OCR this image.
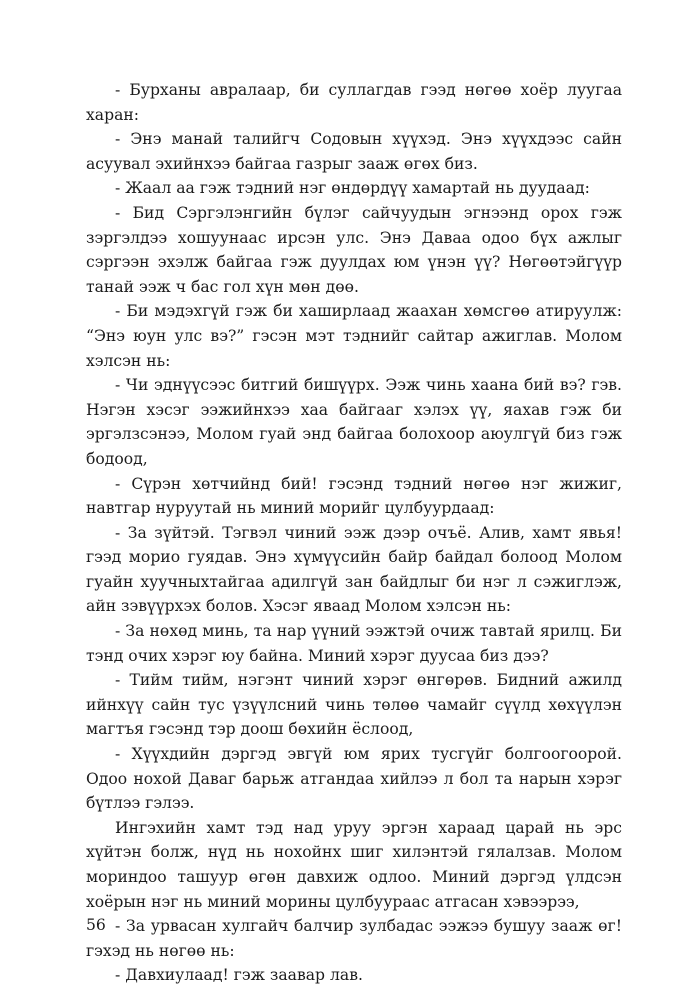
- Бурханы авралаар, би суллагдав гээд нөгөө хоёр луугаа харан:

- Энэ манай талийгч Содовын хүүхэд. Энэ хүүхдээс сайн асуувал эхийнхээ байгаа газрыг зааж өгөх биз.

- Жаал аа гэж тэдний нэг өндөрдүү хамартай нь дуудаад:

- Бид Сэргэлэнгийн бүлэг сайчуудын эгнээнд орох гэж зэргэлдээ хошуунаас ирсэн улс. Энэ Даваа одоо бүх ажлыг сэргээн эхэлж байгаа гэж дуулдах юм үнэн үү? Нөгөөтэйгүүр танай ээж ч бас гол хүн мөн дөө.

- Би мэдэхгүй гэж би хаширлаад жаахан хөмсгөө атируулж: “Энэ юун улс вэ?” гэсэн мэт тэднийг сайтар ажиглав. Молом хэлсэн нь:

- Чи эднүүсээс битгий бишүүрх. Ээж чинь хаана бий вэ? гэв. Нэгэн хэсэг ээжийнхээ хаа байгааг хэлэх үү, яахав гэж би эргэлзсэнээ, Молом гуай энд байгаа болохоор аюулгүй биз гэж бодоод,

- Сүрэн хөтчийнд бий! гэсэнд тэдний нөгөө нэг жижиг, навтгар нуруутай нь миний морийг цулбуурдаад:

- За зүйтэй. Тэгвэл чиний ээж дээр очъё. Алив, хамт явья! гээд морио гуядав. Энэ хүмүүсийн байр байдал болоод Молом гуайн хуучныхтайгаа адилгүй зан байдлыг би нэг л сэжиглэж, айн зэвүүрхэх болов. Хэсэг яваад Молом хэлсэн нь:

- За нөхөд минь, та нар үүний ээжтэй очиж тавтай ярилц. Би тэнд очих хэрэг юу байна. Миний хэрэг дуусаа биз дээ?

- Тийм тийм, нэгэнт чиний хэрэг өнгөрөв. Бидний ажилд ийнхүү сайн тус үзүүлсний чинь төлөө чамайг сүүлд хөхүүлэн магтъя гэсэнд тэр доош бөхийн ёслоод,

- Хүүхдийн дэргэд эвгүй юм ярих тусгүйг болгоогоорой. Одоо нохой Даваг барьж атгандаа хийлээ л бол та нарын хэрэг бүтлээ гэлээ.

Ингэхийн хамт тэд над уруу эргэн хараад царай нь эрс хүйтэн болж, нүд нь нохойнх шиг хилэнтэй гялалзав. Молом мориндоо ташуур өгөн давхиж одлоо. Миний дэргэд үлдсэн хоёрын нэг нь миний морины цулбуураас атгасан хэвээрээ,

- За урвасан хулгайч балчир зулбадас ээжээ бушуу зааж өг! гэхэд нь нөгөө нь:

- Давхиулаад! гэж заавар лав.

56
